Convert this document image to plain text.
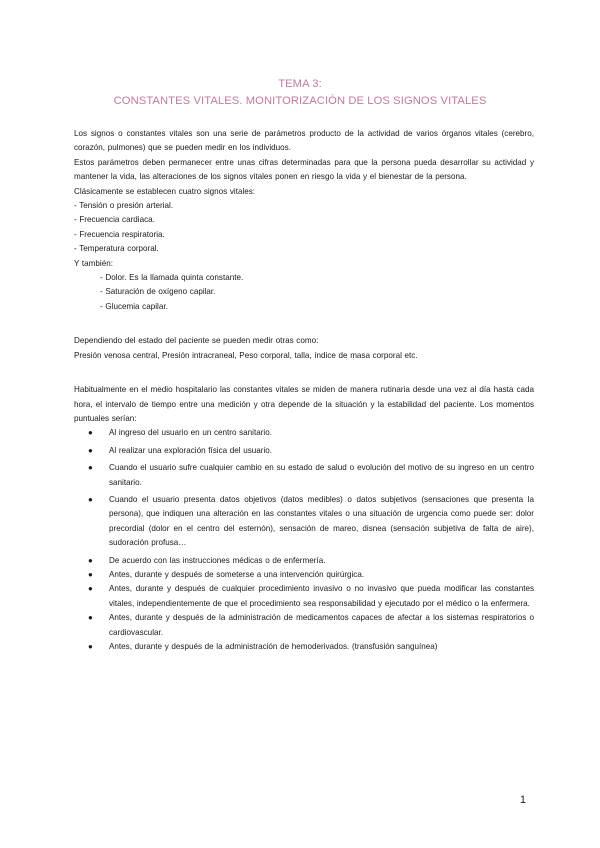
TEMA 3:
CONSTANTES VITALES. MONITORIZACIÓN DE LOS SIGNOS VITALES

Los signos o constantes vitales son una serie de parámetros producto de la actividad de varios órganos vitales (cerebro, corazón, pulmones) que se pueden medir en los individuos.

Estos parámetros deben permanecer entre unas cifras determinadas para que la persona pueda desarrollar su actividad y mantener la vida, las alteraciones de los signos vitales ponen en riesgo la vida y el bienestar de la persona.

Clásicamente se establecen cuatro signos vitales:

- Tensión o presión arterial.

- Frecuencia cardiaca.

- Frecuencia respiratoria.

- Temperatura corporal.

Y también:

- Dolor. Es la llamada quinta constante.

- Saturación de oxígeno capilar.

- Glucemia capilar.

Dependiendo del estado del paciente se pueden medir otras como:

Presión venosa central, Presión intracraneal, Peso corporal, talla, índice de masa corporal etc.

Habitualmente en el medio hospitalario las constantes vitales se miden de manera rutinaria desde una vez al día hasta cada hora, el intervalo de tiempo entre una medición y otra depende de la situación y la estabilidad del paciente. Los momentos puntuales serían:

● Al ingreso del usuario en un centro sanitario.
● Al realizar una exploración física del usuario.
● Cuando el usuario sufre cualquier cambio en su estado de salud o evolución del motivo de su ingreso en un centro sanitario.
● Cuando el usuario presenta datos objetivos (datos medibles) o datos subjetivos (sensaciones que presenta la persona), que indiquen una alteración en las constantes vitales o una situación de urgencia como puede ser: dolor precordial (dolor en el centro del esternón), sensación de mareo, disnea (sensación subjetiva de falta de aire), sudoración profusa…
● De acuerdo con las instrucciones médicas o de enfermería.
● Antes, durante y después de someterse a una intervención quirúrgica.
● Antes, durante y después de cualquier procedimiento invasivo o no invasivo que pueda modificar las constantes vitales, independientemente de que el procedimiento sea responsabilidad y ejecutado por el médico o la enfermera.
● Antes, durante y después de la administración de medicamentos capaces de afectar a los sistemas respiratorios o cardiovascular.
● Antes, durante y después de la administración de hemoderivados. (transfusión sanguínea)
1
